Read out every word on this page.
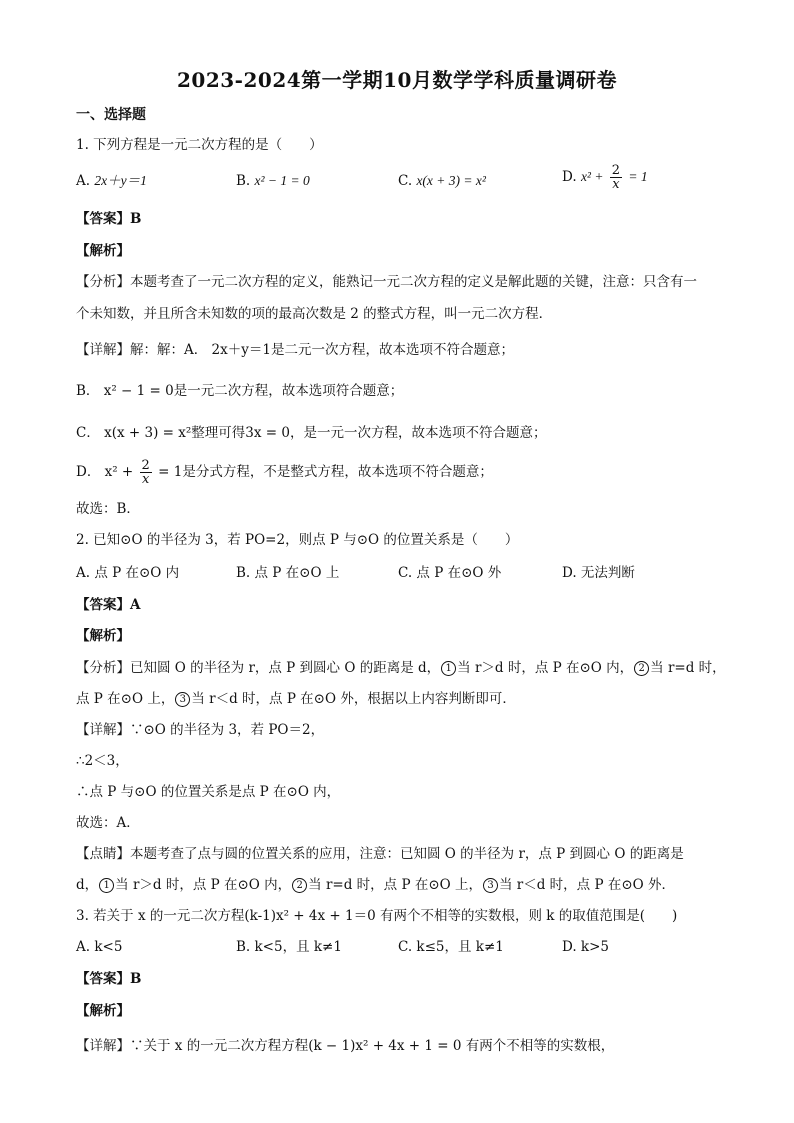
2023-2024第一学期10月数学学科质量调研卷
一、选择题
1. 下列方程是一元二次方程的是（　　）
A. 2x＋y＝1	B. x² − 1 = 0	C. x(x + 3) = x²	D. $x^2 + \frac{2}{x} = 1$
【答案】B
【解析】
【分析】本题考查了一元二次方程的定义，能熟记一元二次方程的定义是解此题的关键，注意：只含有一
个未知数，并且所含未知数的项的最高次数是 2 的整式方程，叫一元二次方程．
【详解】解：解：A． 2x＋y＝1是二元一次方程，故本选项不符合题意；
B． x² − 1 = 0是一元二次方程，故本选项符合题意；
C． x(x + 3) = x²整理可得3x = 0，是一元一次方程，故本选项不符合题意；
D． $x^2 + \frac{2}{x} = 1$是分式方程，不是整式方程，故本选项不符合题意；
故选：B．
2. 已知⊙O 的半径为 3，若 PO=2，则点 P 与⊙O 的位置关系是（　　）
A. 点 P 在⊙O 内	B. 点 P 在⊙O 上	C. 点 P 在⊙O 外	D. 无法判断
【答案】A
【解析】
【分析】已知圆 O 的半径为 r，点 P 到圆心 O 的距离是 d， 1 当 r＞d 时，点 P 在⊙O 内， 2 当 r=d 时，
点 P 在⊙O 上， 3 当 r＜d 时，点 P 在⊙O 外，根据以上内容判断即可．
【详解】∵⊙O 的半径为 3，若 PO＝2，
∴2＜3，
∴点 P 与⊙O 的位置关系是点 P 在⊙O 内，
故选：A．
【点睛】本题考查了点与圆的位置关系的应用，注意：已知圆 O 的半径为 r，点 P 到圆心 O 的距离是
d， 1 当 r＞d 时，点 P 在⊙O 内， 2 当 r=d 时，点 P 在⊙O 上， 3 当 r＜d 时，点 P 在⊙O 外．
3. 若关于 x 的一元二次方程(k-1)x² + 4x + 1＝0 有两个不相等的实数根，则 k 的取值范围是(　　)
A. k<5	B. k<5，且 k≠1	C. k≤5，且 k≠1	D. k>5
【答案】B
【解析】
【详解】∵关于 x 的一元二次方程方程(k − 1)x² + 4x + 1 = 0 有两个不相等的实数根，
